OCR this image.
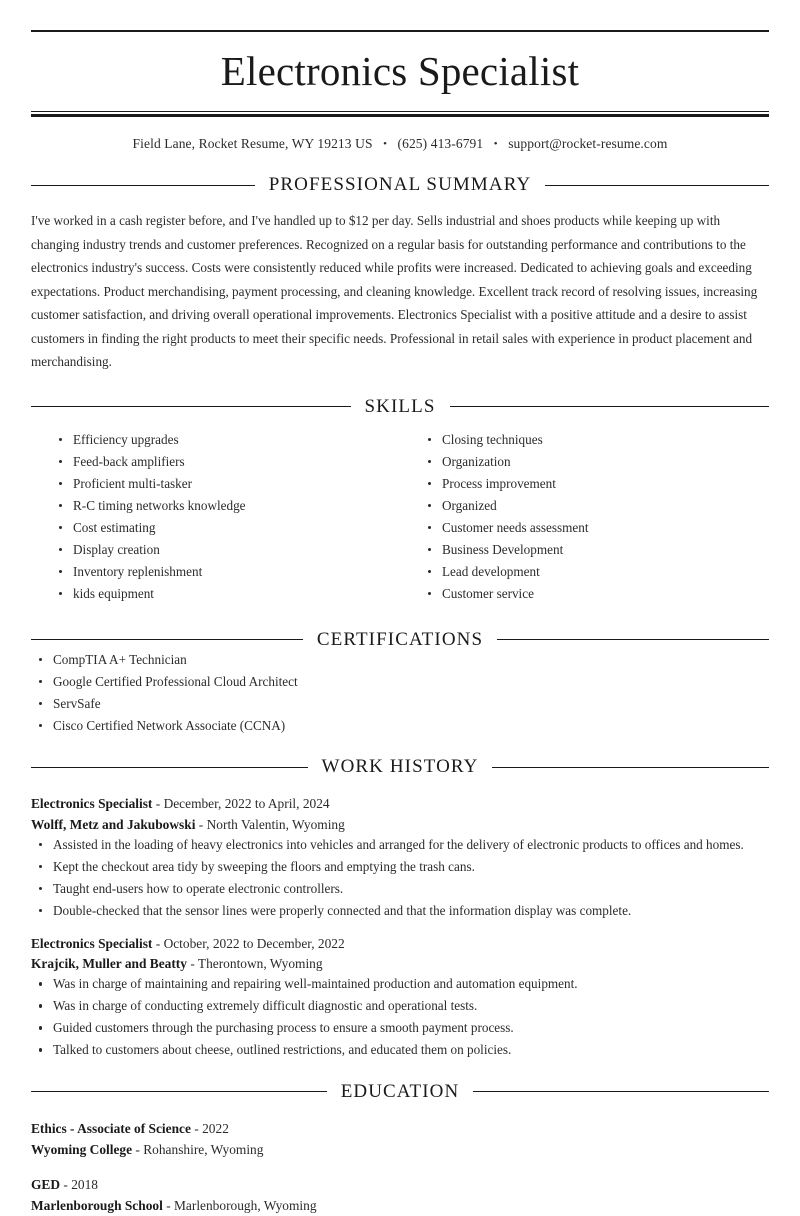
Electronics Specialist
Field Lane, Rocket Resume, WY 19213 US • (625) 413-6791 • support@rocket-resume.com
PROFESSIONAL SUMMARY

I've worked in a cash register before, and I've handled up to $12 per day. Sells industrial and shoes products while keeping up with changing industry trends and customer preferences. Recognized on a regular basis for outstanding performance and contributions to the electronics industry's success. Costs were consistently reduced while profits were increased. Dedicated to achieving goals and exceeding expectations. Product merchandising, payment processing, and cleaning knowledge. Excellent track record of resolving issues, increasing customer satisfaction, and driving overall operational improvements. Electronics Specialist with a positive attitude and a desire to assist customers in finding the right products to meet their specific needs. Professional in retail sales with experience in product placement and merchandising.

SKILLS
Efficiency upgrades
Feed-back amplifiers
Proficient multi-tasker
R-C timing networks knowledge
Cost estimating
Display creation
Inventory replenishment
kids equipment
Closing techniques
Organization
Process improvement
Organized
Customer needs assessment
Business Development
Lead development
Customer service
CERTIFICATIONS
CompTIA A+ Technician
Google Certified Professional Cloud Architect
ServSafe
Cisco Certified Network Associate (CCNA)
WORK HISTORY
Electronics Specialist - December, 2022 to April, 2024
Wolff, Metz and Jakubowski - North Valentin, Wyoming
Assisted in the loading of heavy electronics into vehicles and arranged for the delivery of electronic products to offices and homes.
Kept the checkout area tidy by sweeping the floors and emptying the trash cans.
Taught end-users how to operate electronic controllers.
Double-checked that the sensor lines were properly connected and that the information display was complete.
Electronics Specialist - October, 2022 to December, 2022
Krajcik, Muller and Beatty - Therontown, Wyoming
Was in charge of maintaining and repairing well-maintained production and automation equipment.
Was in charge of conducting extremely difficult diagnostic and operational tests.
Guided customers through the purchasing process to ensure a smooth payment process.
Talked to customers about cheese, outlined restrictions, and educated them on policies.
EDUCATION
Ethics - Associate of Science - 2022
Wyoming College - Rohanshire, Wyoming
GED - 2018
Marlenborough School - Marlenborough, Wyoming
